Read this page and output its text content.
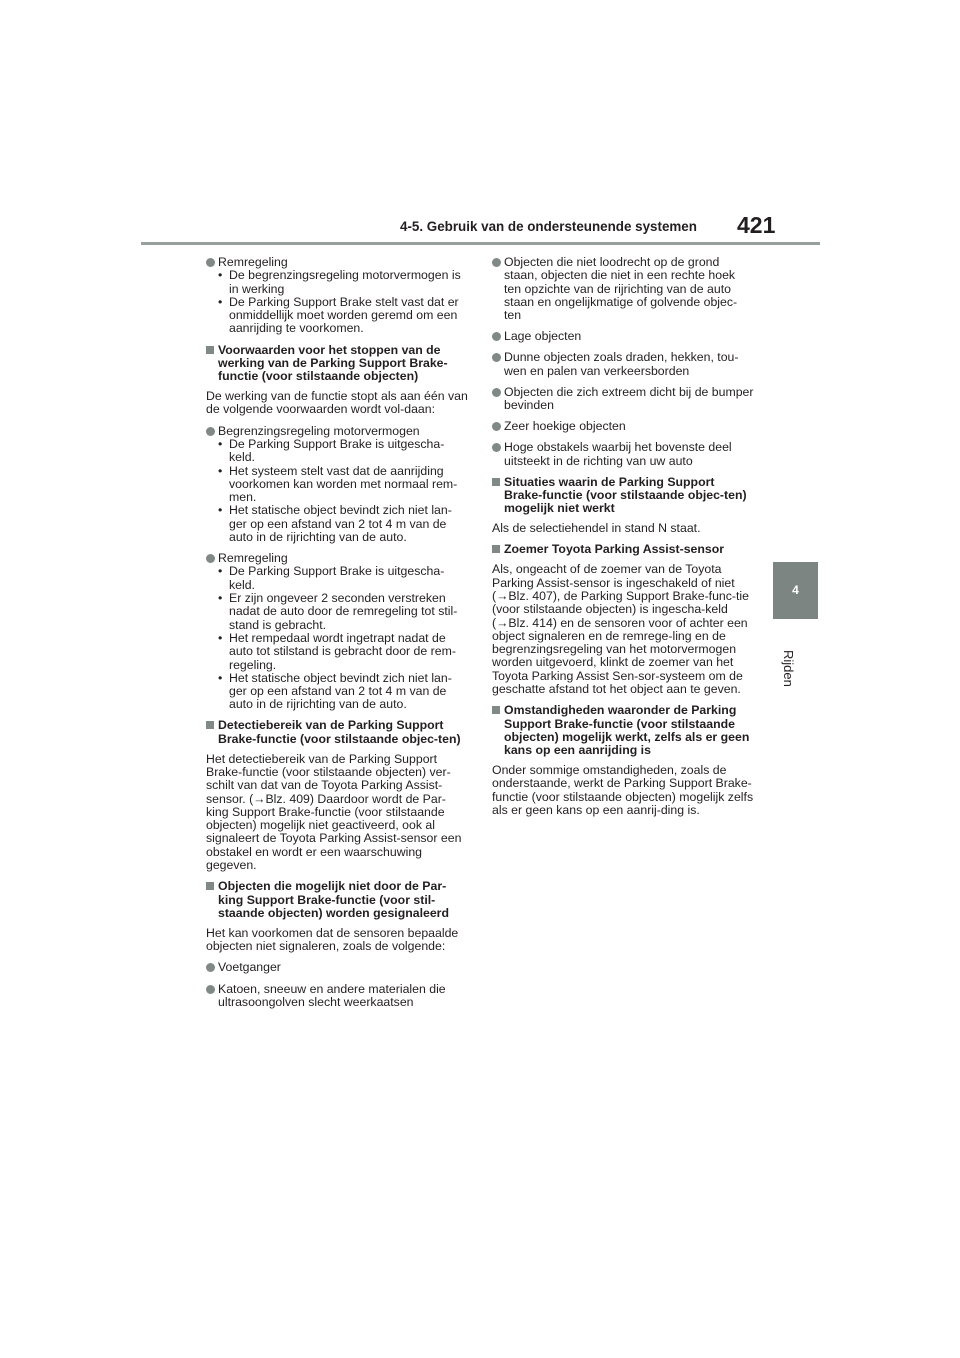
4-5. Gebruik van de ondersteunende systemen 421
4
Rijden
Remregeling
• De begrenzingsregeling motorvermogen is in werking
• De Parking Support Brake stelt vast dat er onmiddellijk moet worden geremd om een aanrijding te voorkomen.
Voorwaarden voor het stoppen van de werking van de Parking Support Brake-functie (voor stilstaande objecten)

De werking van de functie stopt als aan één van de volgende voorwaarden wordt vol-daan:

Begrenzingsregeling motorvermogen
• De Parking Support Brake is uitgescha-keld.
• Het systeem stelt vast dat de aanrijding voorkomen kan worden met normaal rem-men.
• Het statische object bevindt zich niet lan-ger op een afstand van 2 tot 4 m van de auto in de rijrichting van de auto.
Remregeling
• De Parking Support Brake is uitgescha-keld.
• Er zijn ongeveer 2 seconden verstreken nadat de auto door de remregeling tot stil-stand is gebracht.
• Het rempedaal wordt ingetrapt nadat de auto tot stilstand is gebracht door de rem-regeling.
• Het statische object bevindt zich niet lan-ger op een afstand van 2 tot 4 m van de auto in de rijrichting van de auto.
Detectiebereik van de Parking Support Brake-functie (voor stilstaande objec-ten)

Het detectiebereik van de Parking Support Brake-functie (voor stilstaande objecten) ver-schilt van dat van de Toyota Parking Assist-sensor. (→Blz. 409) Daardoor wordt de Par-king Support Brake-functie (voor stilstaande objecten) mogelijk niet geactiveerd, ook al signaleert de Toyota Parking Assist-sensor een obstakel en wordt er een waarschuwing gegeven.

Objecten die mogelijk niet door de Par-king Support Brake-functie (voor stil-staande objecten) worden gesignaleerd

Het kan voorkomen dat de sensoren bepaalde objecten niet signaleren, zoals de volgende:

Voetganger
Katoen, sneeuw en andere materialen die ultrasoongolven slecht weerkaatsen
Objecten die niet loodrecht op de grond staan, objecten die niet in een rechte hoek ten opzichte van de rijrichting van de auto staan en ongelijkmatige of golvende objec-ten
Lage objecten
Dunne objecten zoals draden, hekken, tou-wen en palen van verkeersborden
Objecten die zich extreem dicht bij de bumper bevinden
Zeer hoekige objecten
Hoge obstakels waarbij het bovenste deel uitsteekt in de richting van uw auto
Situaties waarin de Parking Support Brake-functie (voor stilstaande objec-ten) mogelijk niet werkt

Als de selectiehendel in stand N staat.

Zoemer Toyota Parking Assist-sensor

Als, ongeacht of de zoemer van de Toyota Parking Assist-sensor is ingeschakeld of niet (→Blz. 407), de Parking Support Brake-func-tie (voor stilstaande objecten) is ingescha-keld (→Blz. 414) en de sensoren voor of achter een object signaleren en de remrege-ling en de begrenzingsregeling van het motorvermogen worden uitgevoerd, klinkt de zoemer van het Toyota Parking Assist Sen-sor-systeem om de geschatte afstand tot het object aan te geven.

Omstandigheden waaronder de Parking Support Brake-functie (voor stilstaande objecten) mogelijk werkt, zelfs als er geen kans op een aanrijding is

Onder sommige omstandigheden, zoals de onderstaande, werkt de Parking Support Brake-functie (voor stilstaande objecten) mogelijk zelfs als er geen kans op een aanrij-ding is.
